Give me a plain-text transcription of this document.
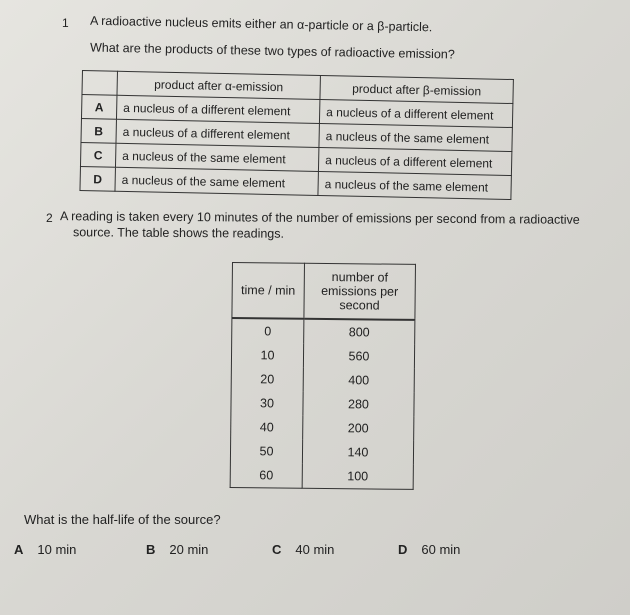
1 A radioactive nucleus emits either an α-particle or a β-particle.
What are the products of these two types of radioactive emission?
	product after α-emission	product after β-emission
A	a nucleus of a different element	a nucleus of a different element
B	a nucleus of a different element	a nucleus of the same element
C	a nucleus of the same element	a nucleus of a different element
D	a nucleus of the same element	a nucleus of the same element
2 A reading is taken every 10 minutes of the number of emissions per second from a radioactive
source. The table shows the readings.
time / min	number of emissions per second
0	800
10	560
20	400
30	280
40	200
50	140
60	100
What is the half-life of the source?
A 10 min	B 20 min	C 40 min	D 60 min
